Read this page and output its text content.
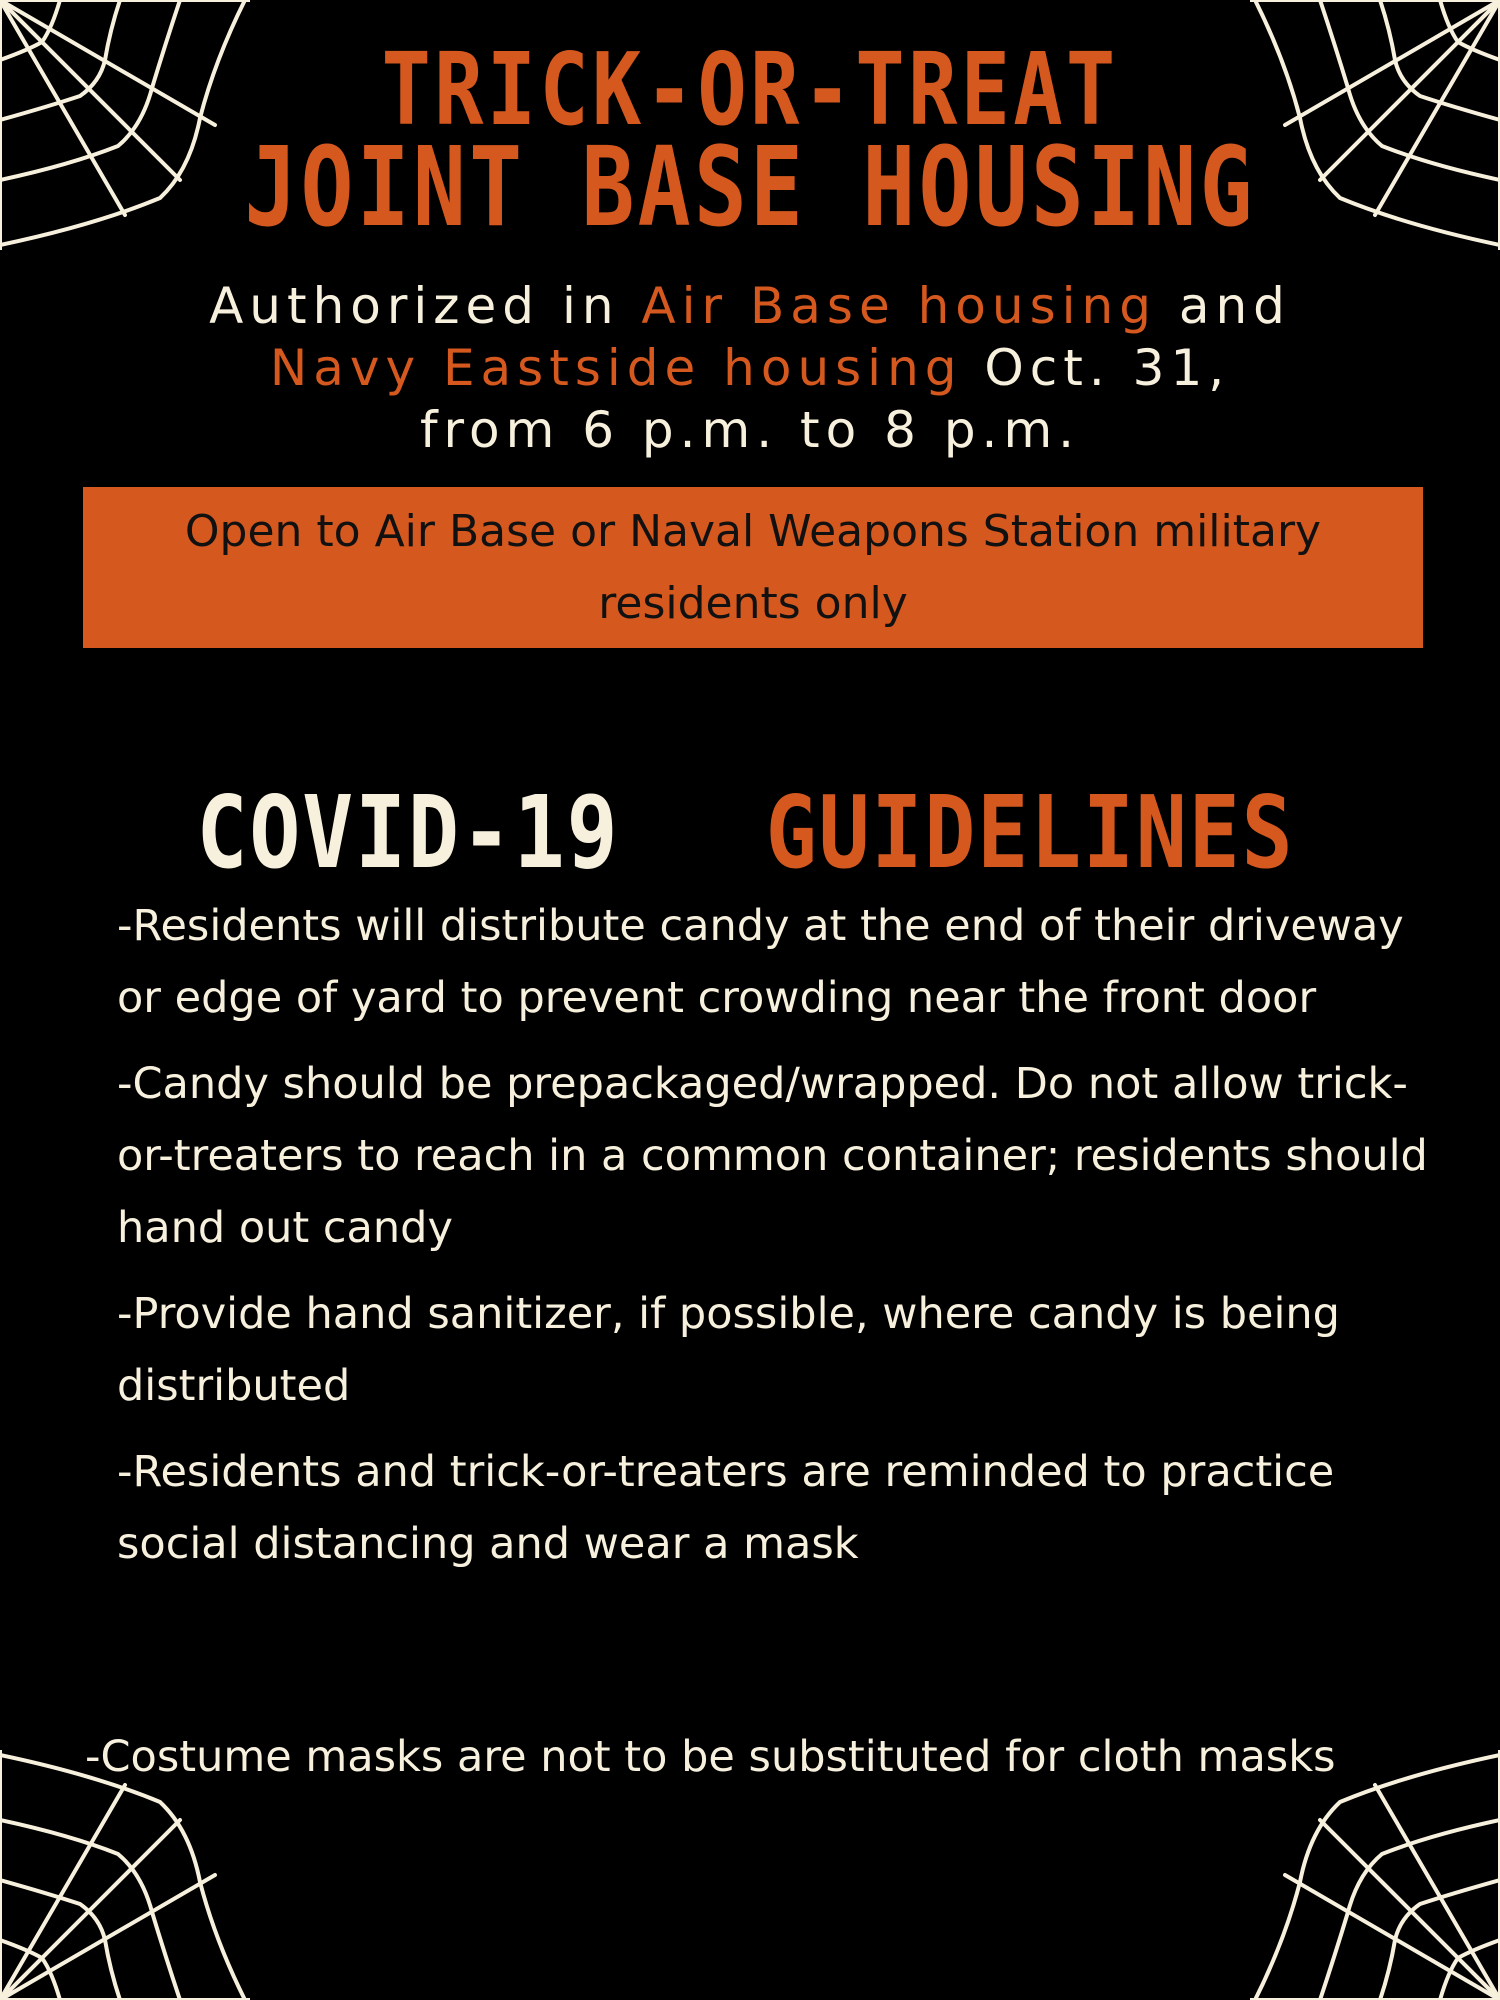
TRICK-OR-TREAT
JOINT BASE HOUSING
Authorized in Air Base housing and
Navy Eastside housing Oct. 31,
from 6 p.m. to 8 p.m.
Open to Air Base or Naval Weapons Station military residents only
COVID-19 GUIDELINES
-Residents will distribute candy at the end of their driveway or edge of yard to prevent crowding near the front door
-Candy should be prepackaged/wrapped. Do not allow trick-or-treaters to reach in a common container; residents should hand out candy
-Provide hand sanitizer, if possible, where candy is being distributed
-Residents and trick-or-treaters are reminded to practice social distancing and wear a mask
-Costume masks are not to be substituted for cloth masks
